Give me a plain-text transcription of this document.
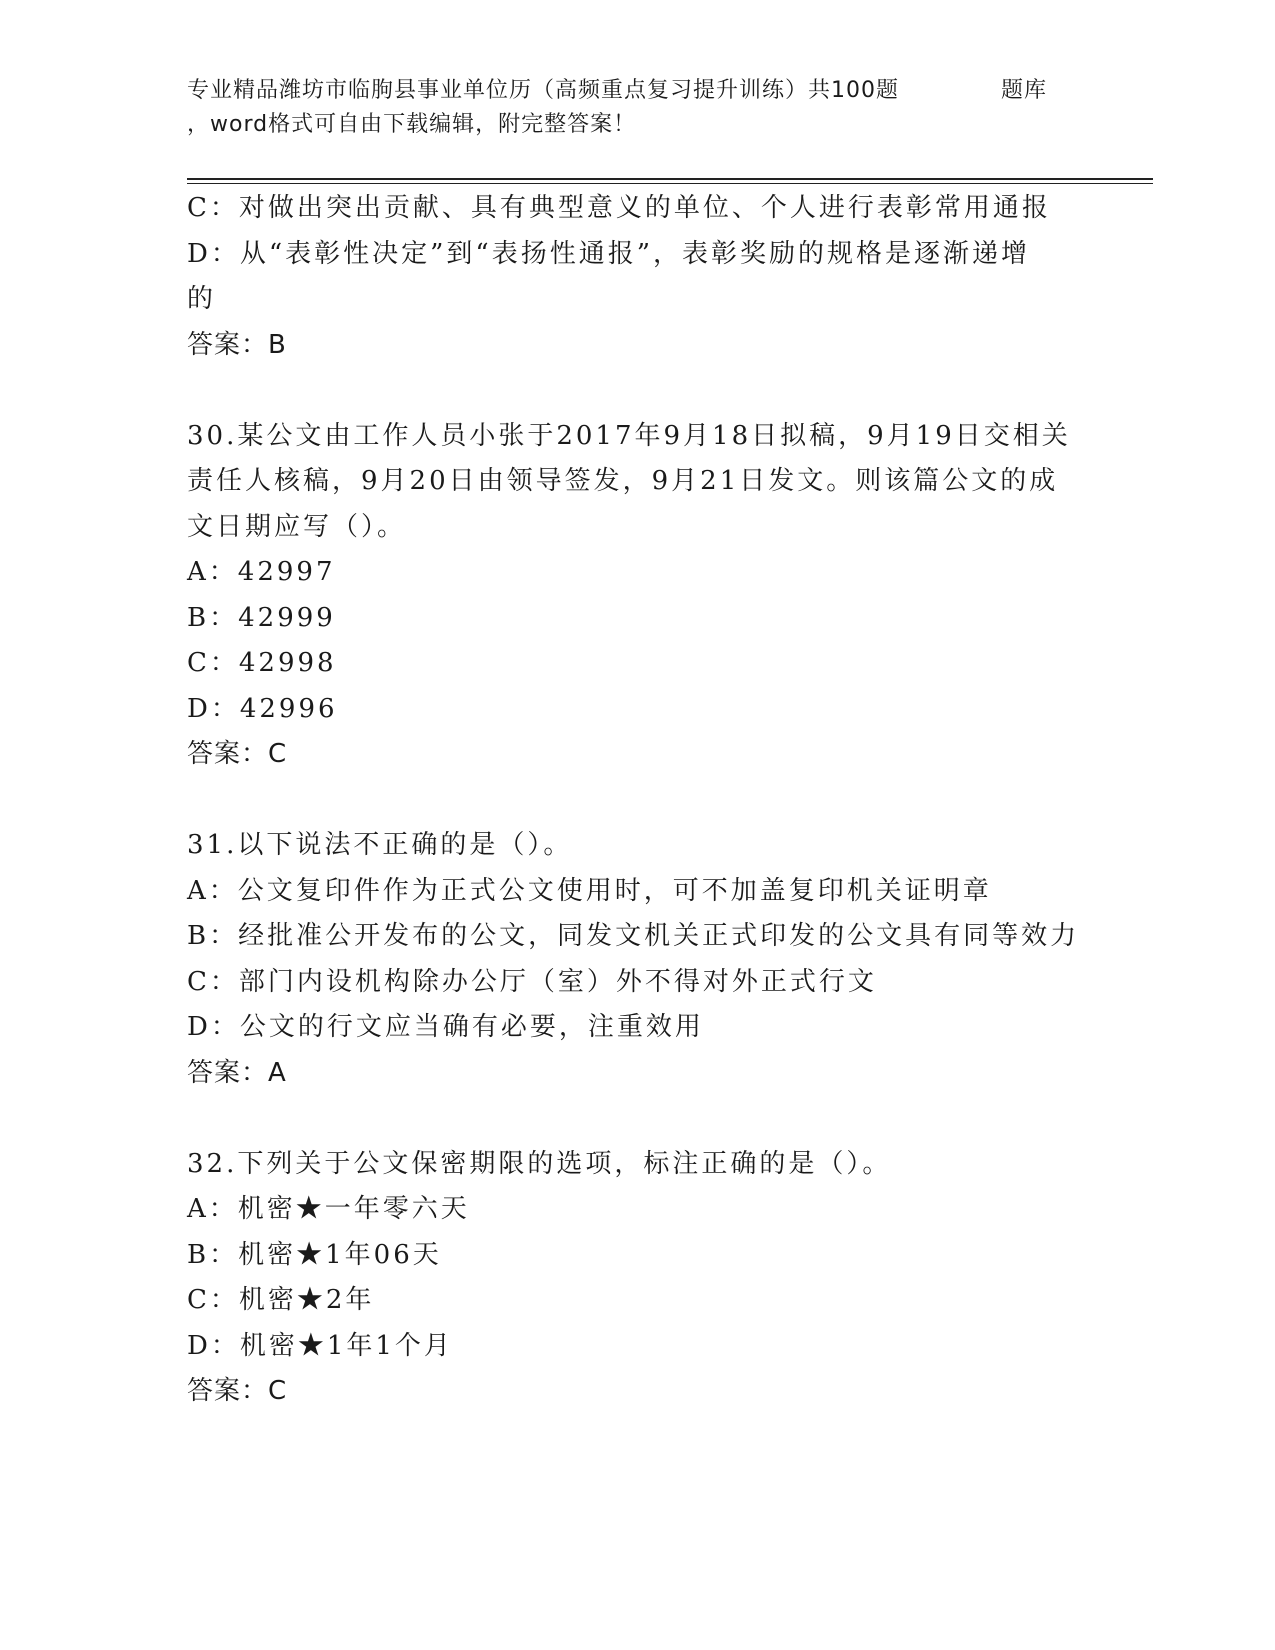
专业精品潍坊市临朐县事业单位历（高频重点复习提升训练）共100题	题库
，word格式可自由下载编辑，附完整答案！
C：对做出突出贡献、具有典型意义的单位、个人进行表彰常用通报
D：从“表彰性决定”到“表扬性通报”，表彰奖励的规格是逐渐递增
的
答案：B
30.某公文由工作人员小张于2017年9月18日拟稿，9月19日交相关
责任人核稿，9月20日由领导签发，9月21日发文。则该篇公文的成
文日期应写（）。
A：42997
B：42999
C：42998
D：42996
答案：C
31.以下说法不正确的是（）。
A：公文复印件作为正式公文使用时，可不加盖复印机关证明章
B：经批准公开发布的公文，同发文机关正式印发的公文具有同等效力
C：部门内设机构除办公厅（室）外不得对外正式行文
D：公文的行文应当确有必要，注重效用
答案：A
32.下列关于公文保密期限的选项，标注正确的是（）。
A：机密★一年零六天
B：机密★1年06天
C：机密★2年
D：机密★1年1个月
答案：C
